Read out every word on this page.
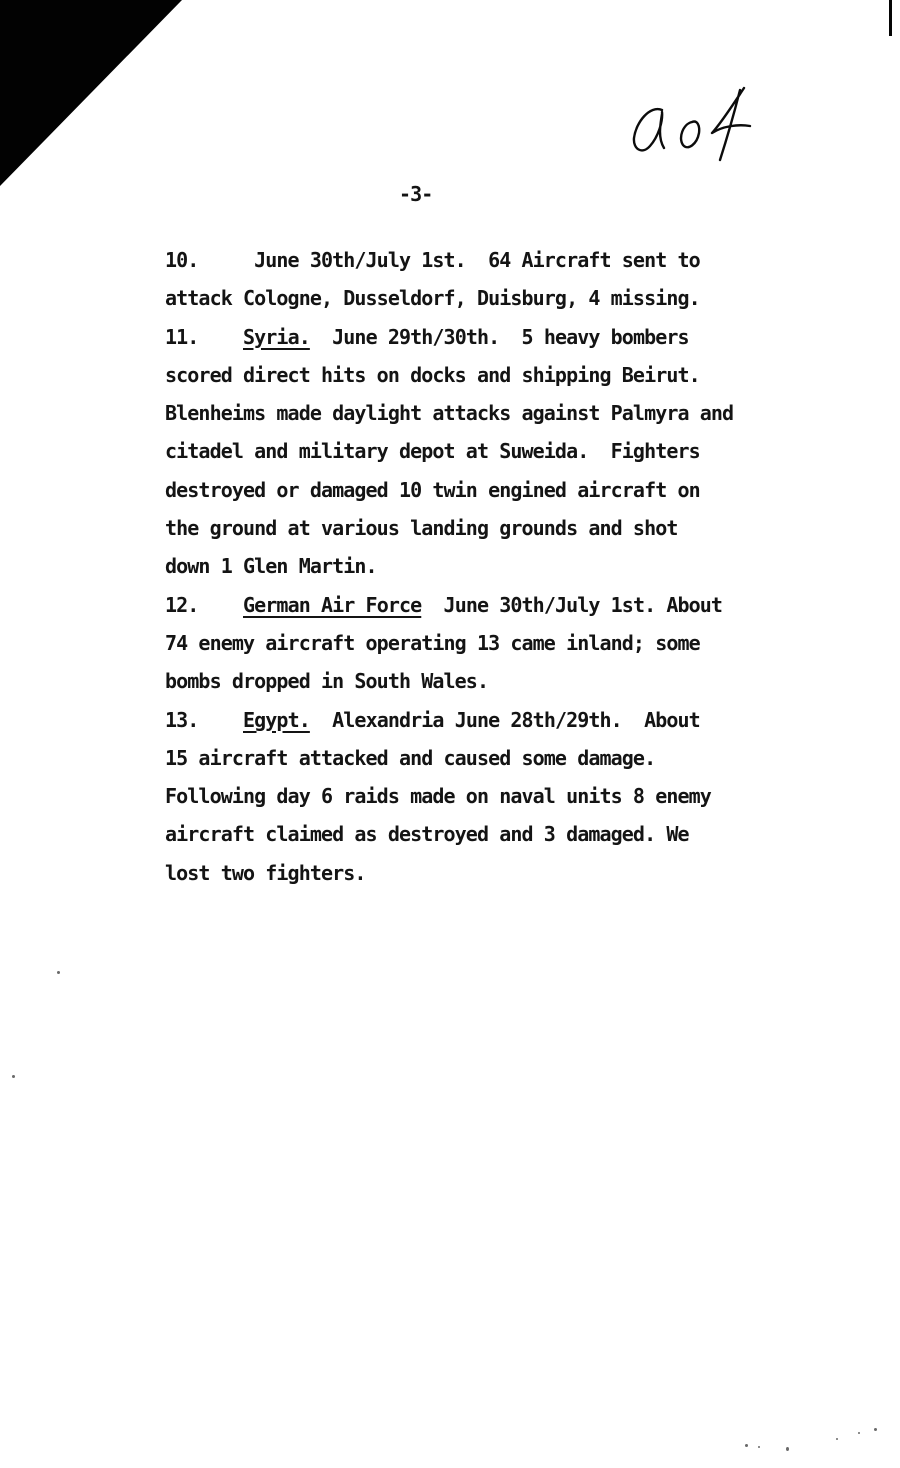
-3-
10.     June 30th/July 1st.  64 Aircraft sent to
attack Cologne, Dusseldorf, Duisburg, 4 missing.
11.    Syria.  June 29th/30th.  5 heavy bombers
scored direct hits on docks and shipping Beirut.
Blenheims made daylight attacks against Palmyra and
citadel and military depot at Suweida.  Fighters
destroyed or damaged 10 twin engined aircraft on
the ground at various landing grounds and shot
down 1 Glen Martin.
12.    German Air Force  June 30th/July 1st. About
74 enemy aircraft operating 13 came inland; some
bombs dropped in South Wales.
13.    Egypt.  Alexandria June 28th/29th.  About
15 aircraft attacked and caused some damage.
Following day 6 raids made on naval units 8 enemy
aircraft claimed as destroyed and 3 damaged. We
lost two fighters.
